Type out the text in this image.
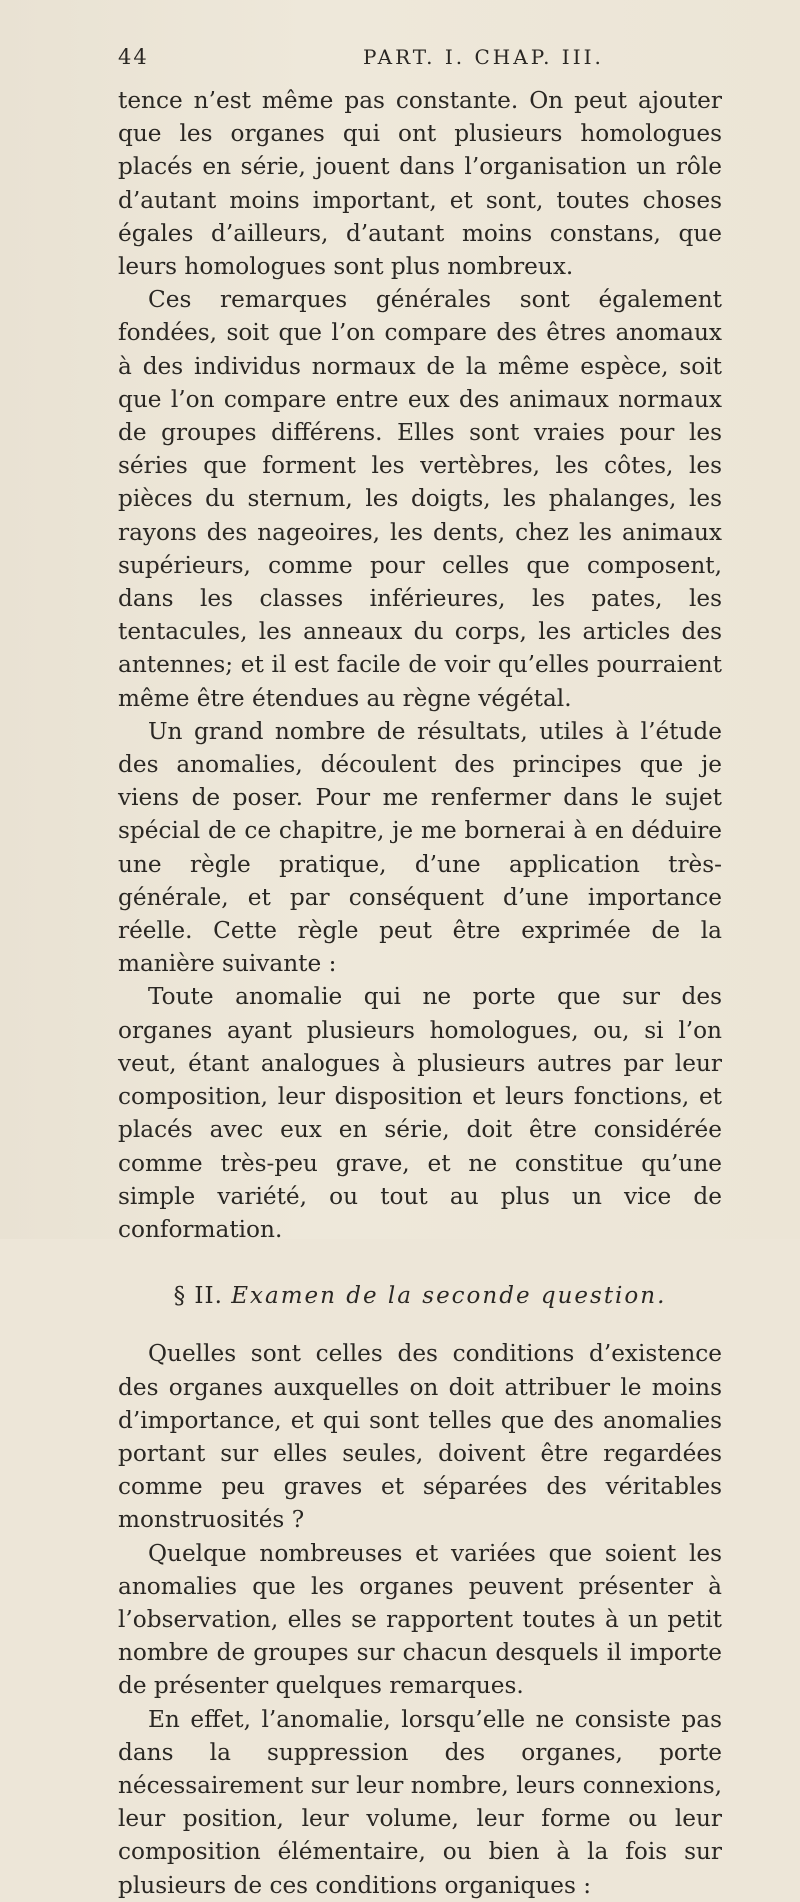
44	PART. I. CHAP. III.

tence n’est même pas constante. On peut ajouter que les organes qui ont plusieurs homologues placés en série, jouent dans l’organisation un rôle d’autant moins important, et sont, toutes choses égales d’ailleurs, d’autant moins constans, que leurs homologues sont plus nombreux.

Ces remarques générales sont également fondées, soit que l’on compare des êtres anomaux à des individus normaux de la même espèce, soit que l’on compare entre eux des animaux normaux de groupes différens. Elles sont vraies pour les séries que forment les vertèbres, les côtes, les pièces du sternum, les doigts, les phalanges, les rayons des nageoires, les dents, chez les animaux supérieurs, comme pour celles que composent, dans les classes inférieures, les pates, les tentacules, les anneaux du corps, les articles des antennes; et il est facile de voir qu’elles pourraient même être étendues au règne végétal.

Un grand nombre de résultats, utiles à l’étude des anomalies, découlent des principes que je viens de poser. Pour me renfermer dans le sujet spécial de ce chapitre, je me bornerai à en déduire une règle pratique, d’une application très-générale, et par conséquent d’une importance réelle. Cette règle peut être exprimée de la manière suivante :

Toute anomalie qui ne porte que sur des organes ayant plusieurs homologues, ou, si l’on veut, étant analogues à plusieurs autres par leur composition, leur disposition et leurs fonctions, et placés avec eux en série, doit être considérée comme très-peu grave, et ne constitue qu’une simple variété, ou tout au plus un vice de conformation.

§ II. Examen de la seconde question.

Quelles sont celles des conditions d’existence des organes auxquelles on doit attribuer le moins d’importance, et qui sont telles que des anomalies portant sur elles seules, doivent être regardées comme peu graves et séparées des véritables monstruosités ?

Quelque nombreuses et variées que soient les anomalies que les organes peuvent présenter à l’observation, elles se rapportent toutes à un petit nombre de groupes sur chacun desquels il importe de présenter quelques remarques.

En effet, l’anomalie, lorsqu’elle ne consiste pas dans la suppression des organes, porte nécessairement sur leur nombre, leurs connexions, leur position, leur volume, leur forme ou leur composition élémentaire, ou bien à la fois sur plusieurs de ces conditions organiques :
